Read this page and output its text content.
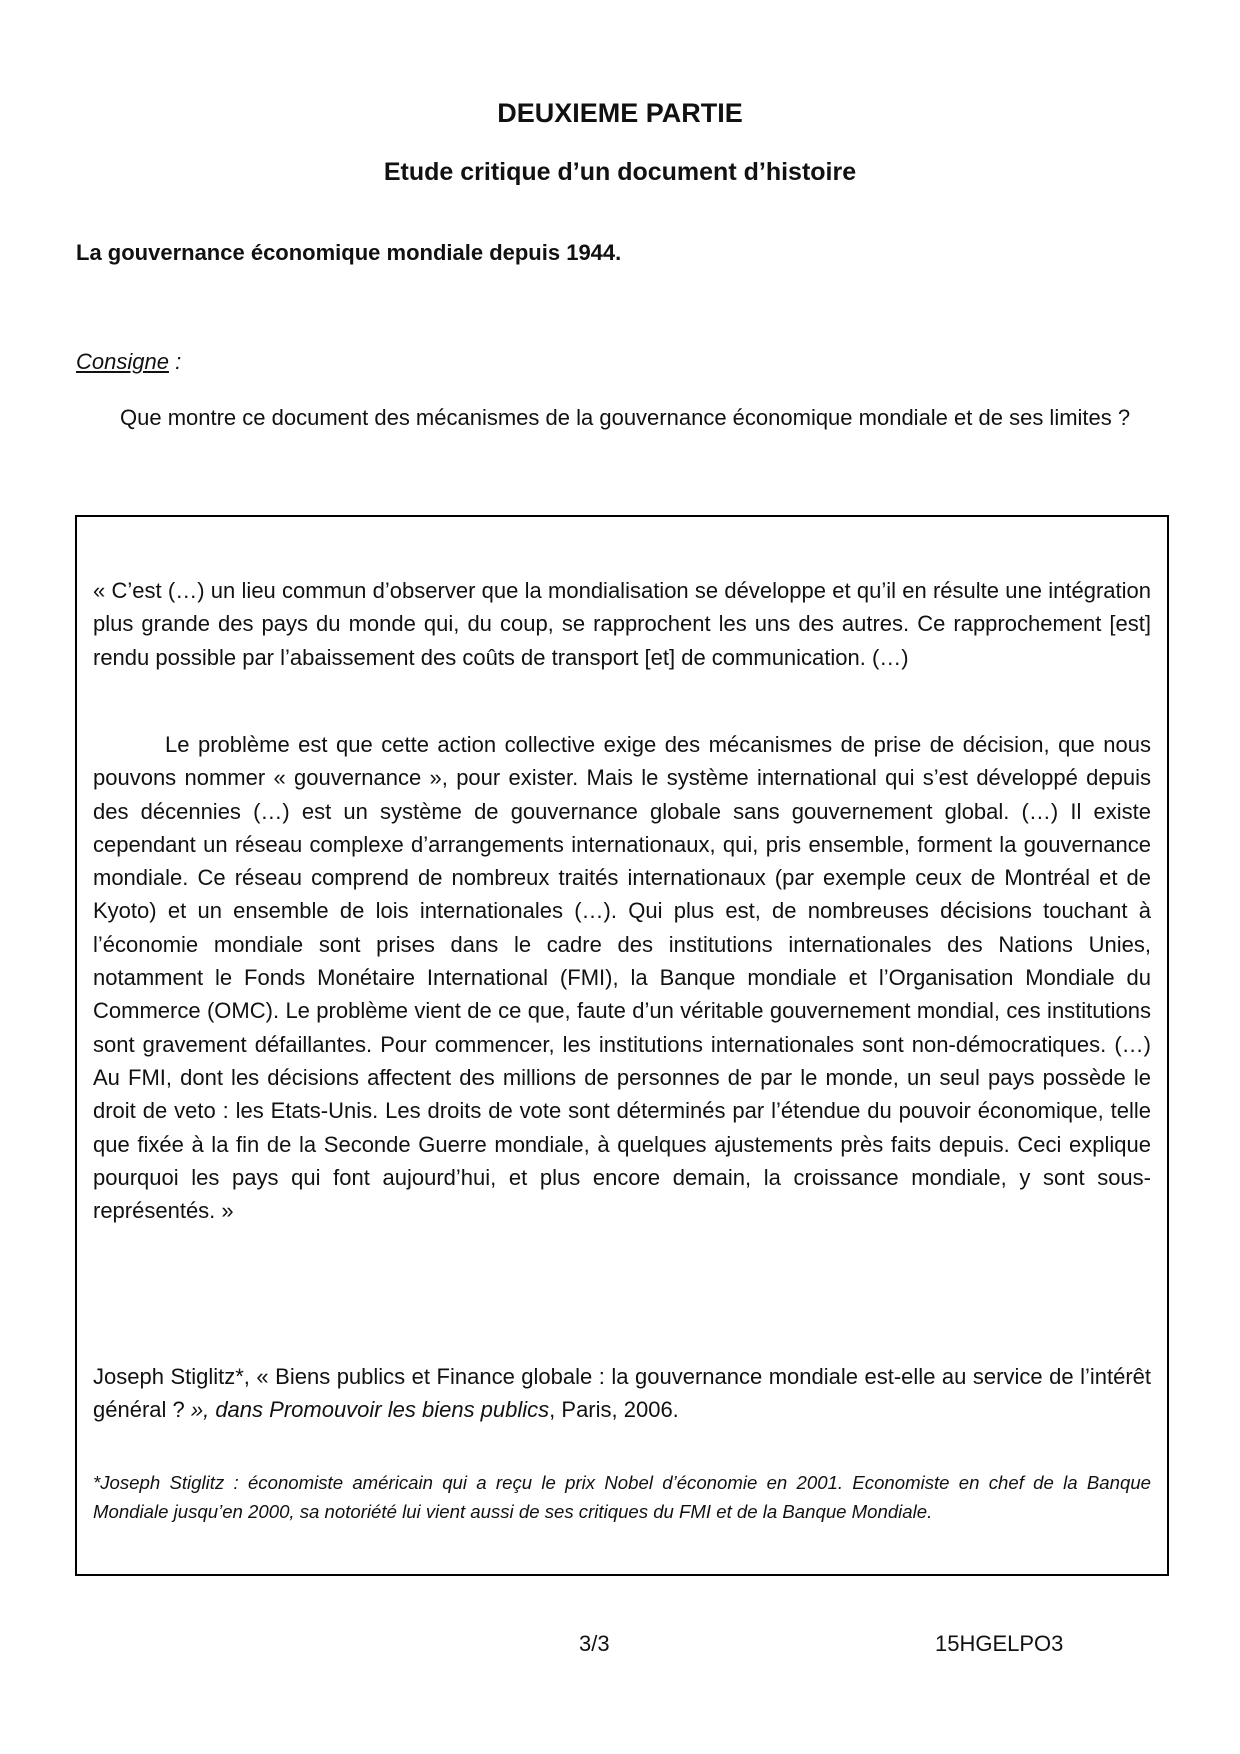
DEUXIEME PARTIE
Etude critique d’un document d’histoire

La gouvernance économique mondiale depuis 1944.

Consigne :

Que montre ce document des mécanismes de la gouvernance économique mondiale et de ses limites ?

« C’est (…) un lieu commun d’observer que la mondialisation se développe et qu’il en résulte une intégration plus grande des pays du monde qui, du coup, se rapprochent les uns des autres. Ce rapprochement [est] rendu possible par l’abaissement des coûts de transport [et] de communication. (…)

Le problème est que cette action collective exige des mécanismes de prise de décision, que nous pouvons nommer « gouvernance », pour exister. Mais le système international qui s’est développé depuis des décennies (…) est un système de gouvernance globale sans gouvernement global. (…) Il existe cependant un réseau complexe d’arrangements internationaux, qui, pris ensemble, forment la gouvernance mondiale. Ce réseau comprend de nombreux traités internationaux (par exemple ceux de Montréal et de Kyoto) et un ensemble de lois internationales (…). Qui plus est, de nombreuses décisions touchant à l’économie mondiale sont prises dans le cadre des institutions internationales des Nations Unies, notamment le Fonds Monétaire International (FMI), la Banque mondiale et l’Organisation Mondiale du Commerce (OMC). Le problème vient de ce que, faute d’un véritable gouvernement mondial, ces institutions sont gravement défaillantes. Pour commencer, les institutions internationales sont non-démocratiques. (…) Au FMI, dont les décisions affectent des millions de personnes de par le monde, un seul pays possède le droit de veto : les Etats-Unis. Les droits de vote sont déterminés par l’étendue du pouvoir économique, telle que fixée à la fin de la Seconde Guerre mondiale, à quelques ajustements près faits depuis. Ceci explique pourquoi les pays qui font aujourd’hui, et plus encore demain, la croissance mondiale, y sont sous-représentés. »

Joseph Stiglitz*, « Biens publics et Finance globale : la gouvernance mondiale est-elle au service de l’intérêt général ? », dans Promouvoir les biens publics, Paris, 2006.

*Joseph Stiglitz : économiste américain qui a reçu le prix Nobel d’économie en 2001. Economiste en chef de la Banque Mondiale jusqu’en 2000, sa notoriété lui vient aussi de ses critiques du FMI et de la Banque Mondiale.

3/3	15HGELPO3
